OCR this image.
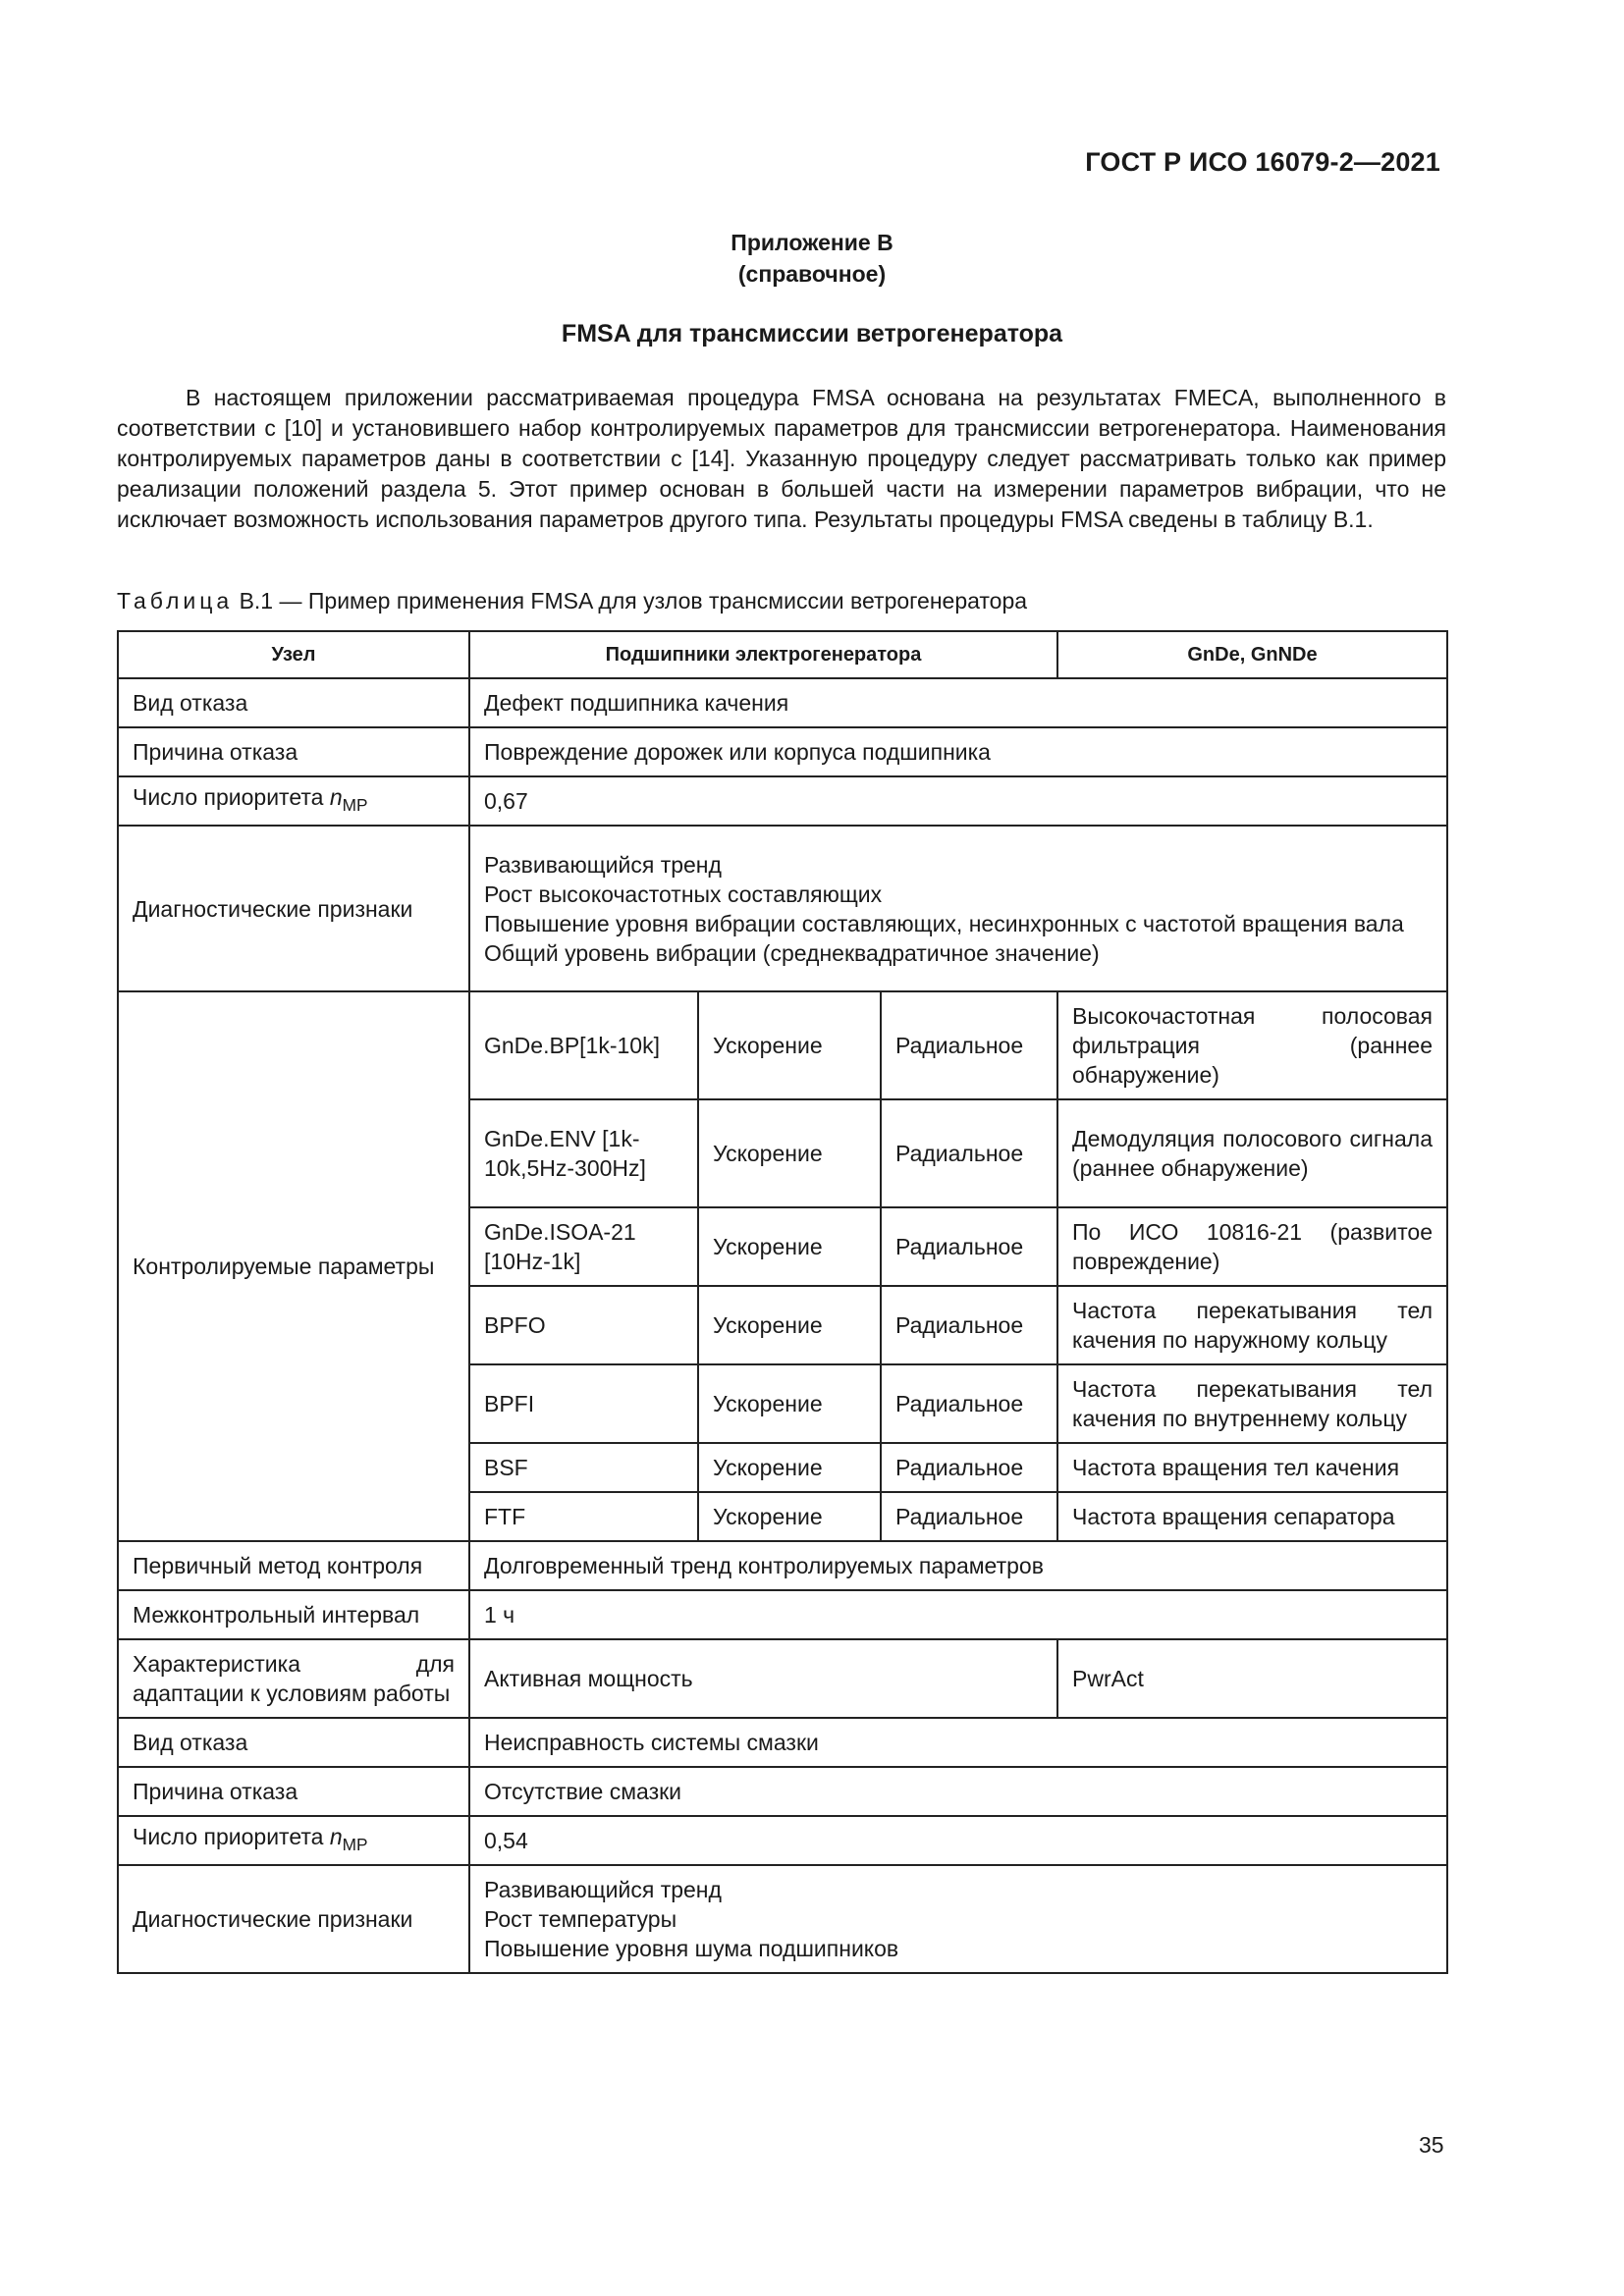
ГОСТ Р ИСО 16079-2—2021
Приложение В
(справочное)
FMSA для трансмиссии ветрогенератора

В настоящем приложении рассматриваемая процедура FMSA основана на результатах FMECA, выполненного в соответствии с [10] и установившего набор контролируемых параметров для трансмиссии ветрогенератора. Наименования контролируемых параметров даны в соответствии с [14]. Указанную процедуру следует рассматривать только как пример реализации положений раздела 5. Этот пример основан в большей части на измерении параметров вибрации, что не исключает возможность использования параметров другого типа. Результаты процедуры FMSA сведены в таблицу В.1.

Таблица В.1 — Пример применения FMSA для узлов трансмиссии ветрогенератора
Узел	Подшипники электрогенератора			GnDe, GnNDe
Вид отказа	Дефект подшипника качения			
Причина отказа	Повреждение дорожек или корпуса подшипника			
Число приоритета $n_{MP}$	0,67			
Диагностические признаки	Развивающийся тренд
Рост высокочастотных составляющих
Повышение уровня вибрации составляющих, несинхронных с частотой вращения вала
Общий уровень вибрации (среднеквадратичное значение)			

Контролируемые параметры	GnDe.BP[1k-10k]	Ускорение	Радиальное	Высокочастотная полосовая фильтрация (раннее обнаружение)
	GnDe.ENV [1k-10k,5Hz-300Hz]	Ускорение	Радиальное	Демодуляция полосового сигнала (раннее обнаружение)
	GnDe.ISOA-21 [10Hz-1k]	Ускорение	Радиальное	По ИСО 10816-21 (развитое повреждение)
	BPFO	Ускорение	Радиальное	Частота перекатывания тел качения по наружному кольцу
	BPFI	Ускорение	Радиальное	Частота перекатывания тел качения по внутреннему кольцу
	BSF	Ускорение	Радиальное	Частота вращения тел качения
	FTF	Ускорение	Радиальное	Частота вращения сепаратора
Первичный метод контроля	Долговременный тренд контролируемых параметров			
Межконтрольный интервал	1 ч			
Характеристика для адаптации к условиям работы	Активная мощность			PwrAct
Вид отказа	Неисправность системы смазки			
Причина отказа	Отсутствие смазки			
Число приоритета $n_{MP}$	0,54			
Диагностические признаки	Развивающийся тренд
Рост температуры
Повышение уровня шума подшипников			
35
